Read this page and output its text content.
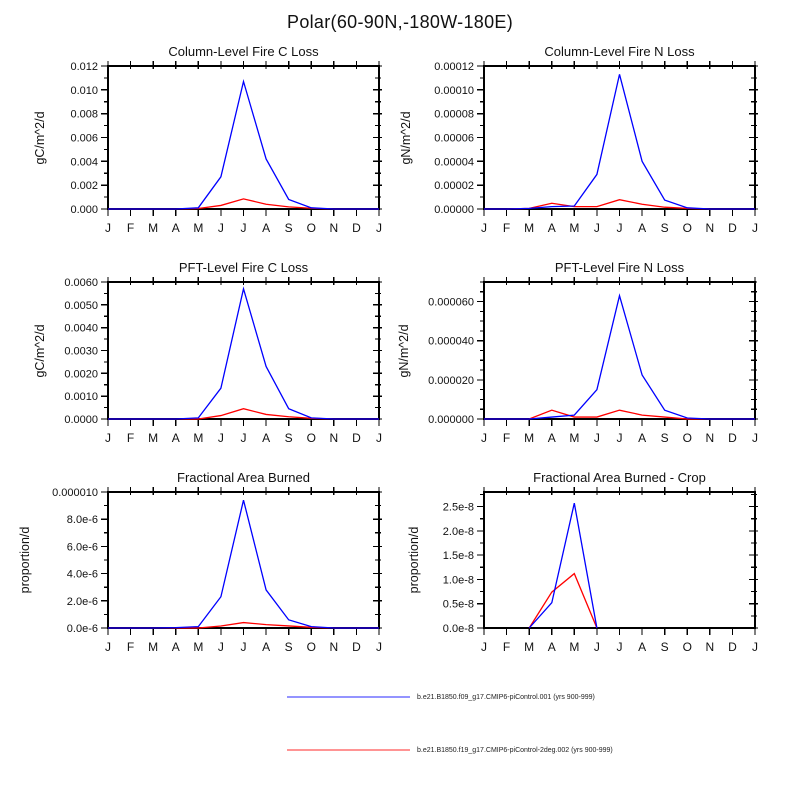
Polar(60-90N,-180W-180E)
Column-Level Fire C Loss
gC/m^2/d
0.000
0.002
0.004
0.006
0.008
0.010
0.012
J F M A M J J A S O N D J
Column-Level Fire N Loss
gN/m^2/d
0.00000
0.00002
0.00004
0.00006
0.00008
0.00010
0.00012
J F M A M J J A S O N D J
PFT-Level Fire C Loss
gC/m^2/d
0.0000
0.0010
0.0020
0.0030
0.0040
0.0050
0.0060
J F M A M J J A S O N D J
PFT-Level Fire N Loss
gN/m^2/d
0.000000
0.000020
0.000040
0.000060
J F M A M J J A S O N D J
Fractional Area Burned
proportion/d
0.0e-6
2.0e-6
4.0e-6
6.0e-6
8.0e-6
0.000010
J F M A M J J A S O N D J
Fractional Area Burned - Crop
proportion/d
0.0e-8
0.5e-8
1.0e-8
1.5e-8
2.0e-8
2.5e-8
J F M A M J J A S O N D J
b.e21.B1850.f09_g17.CMIP6-piControl.001 (yrs 900-999)
b.e21.B1850.f19_g17.CMIP6-piControl-2deg.002 (yrs 900-999)
